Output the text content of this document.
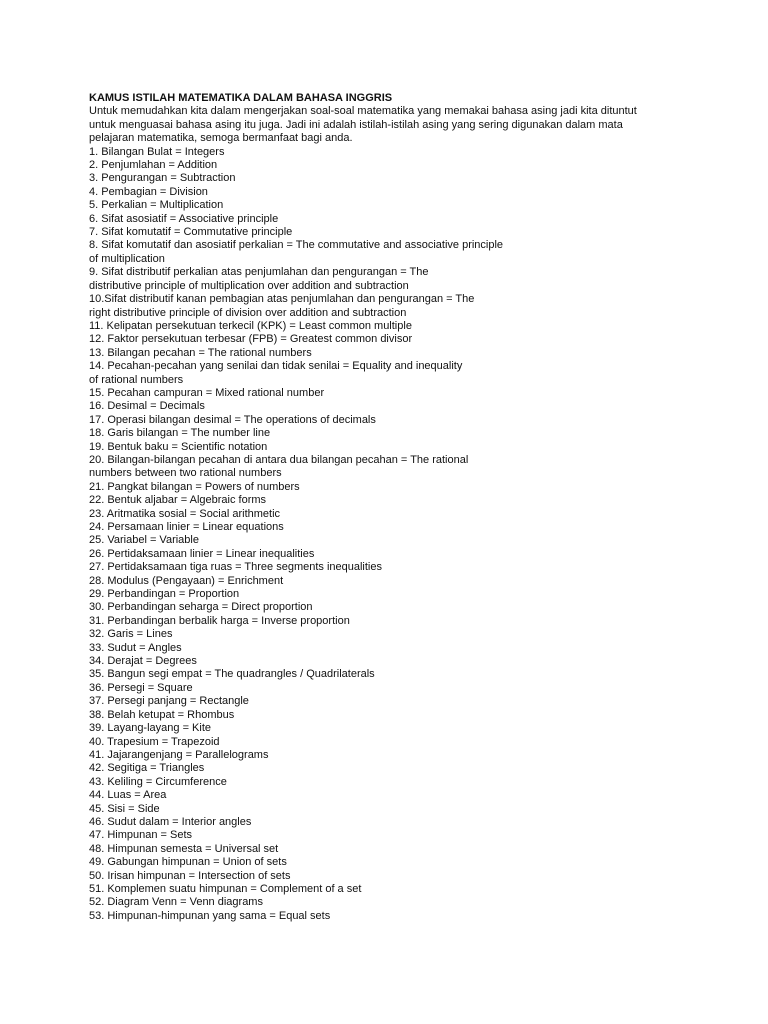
KAMUS ISTILAH MATEMATIKA DALAM BAHASA INGGRIS
Untuk memudahkan kita dalam mengerjakan soal-soal matematika yang memakai bahasa asing jadi kita dituntut
untuk menguasai bahasa asing itu juga. Jadi ini adalah istilah-istilah asing yang sering digunakan dalam mata
pelajaran matematika, semoga bermanfaat bagi anda.
1. Bilangan Bulat = Integers
2. Penjumlahan = Addition
3. Pengurangan = Subtraction
4. Pembagian = Division
5. Perkalian = Multiplication
6. Sifat asosiatif = Associative principle
7. Sifat komutatif = Commutative principle
8. Sifat komutatif dan asosiatif perkalian = The commutative and associative principle
of multiplication
9. Sifat distributif perkalian atas penjumlahan dan pengurangan = The
distributive principle of multiplication over addition and subtraction
10.Sifat distributif kanan pembagian atas penjumlahan dan pengurangan = The
right distributive principle of division over addition and subtraction
11. Kelipatan persekutuan terkecil (KPK) = Least common multiple
12. Faktor persekutuan terbesar (FPB) = Greatest common divisor
13. Bilangan pecahan = The rational numbers
14. Pecahan-pecahan yang senilai dan tidak senilai = Equality and inequality
of rational numbers
15. Pecahan campuran = Mixed rational number
16. Desimal = Decimals
17. Operasi bilangan desimal = The operations of decimals
18. Garis bilangan = The number line
19. Bentuk baku = Scientific notation
20. Bilangan-bilangan pecahan di antara dua bilangan pecahan = The rational
numbers between two rational numbers
21. Pangkat bilangan = Powers of numbers
22. Bentuk aljabar = Algebraic forms
23. Aritmatika sosial = Social arithmetic
24. Persamaan linier = Linear equations
25. Variabel = Variable
26. Pertidaksamaan linier = Linear inequalities
27. Pertidaksamaan tiga ruas = Three segments inequalities
28. Modulus (Pengayaan) = Enrichment
29. Perbandingan = Proportion
30. Perbandingan seharga = Direct proportion
31. Perbandingan berbalik harga = Inverse proportion
32. Garis = Lines
33. Sudut = Angles
34. Derajat = Degrees
35. Bangun segi empat = The quadrangles / Quadrilaterals
36. Persegi = Square
37. Persegi panjang = Rectangle
38. Belah ketupat = Rhombus
39. Layang-layang = Kite
40. Trapesium = Trapezoid
41. Jajarangenjang = Parallelograms
42. Segitiga = Triangles
43. Keliling = Circumference
44. Luas = Area
45. Sisi = Side
46. Sudut dalam = Interior angles
47. Himpunan = Sets
48. Himpunan semesta = Universal set
49. Gabungan himpunan = Union of sets
50. Irisan himpunan = Intersection of sets
51. Komplemen suatu himpunan = Complement of a set
52. Diagram Venn = Venn diagrams
53. Himpunan-himpunan yang sama = Equal sets
